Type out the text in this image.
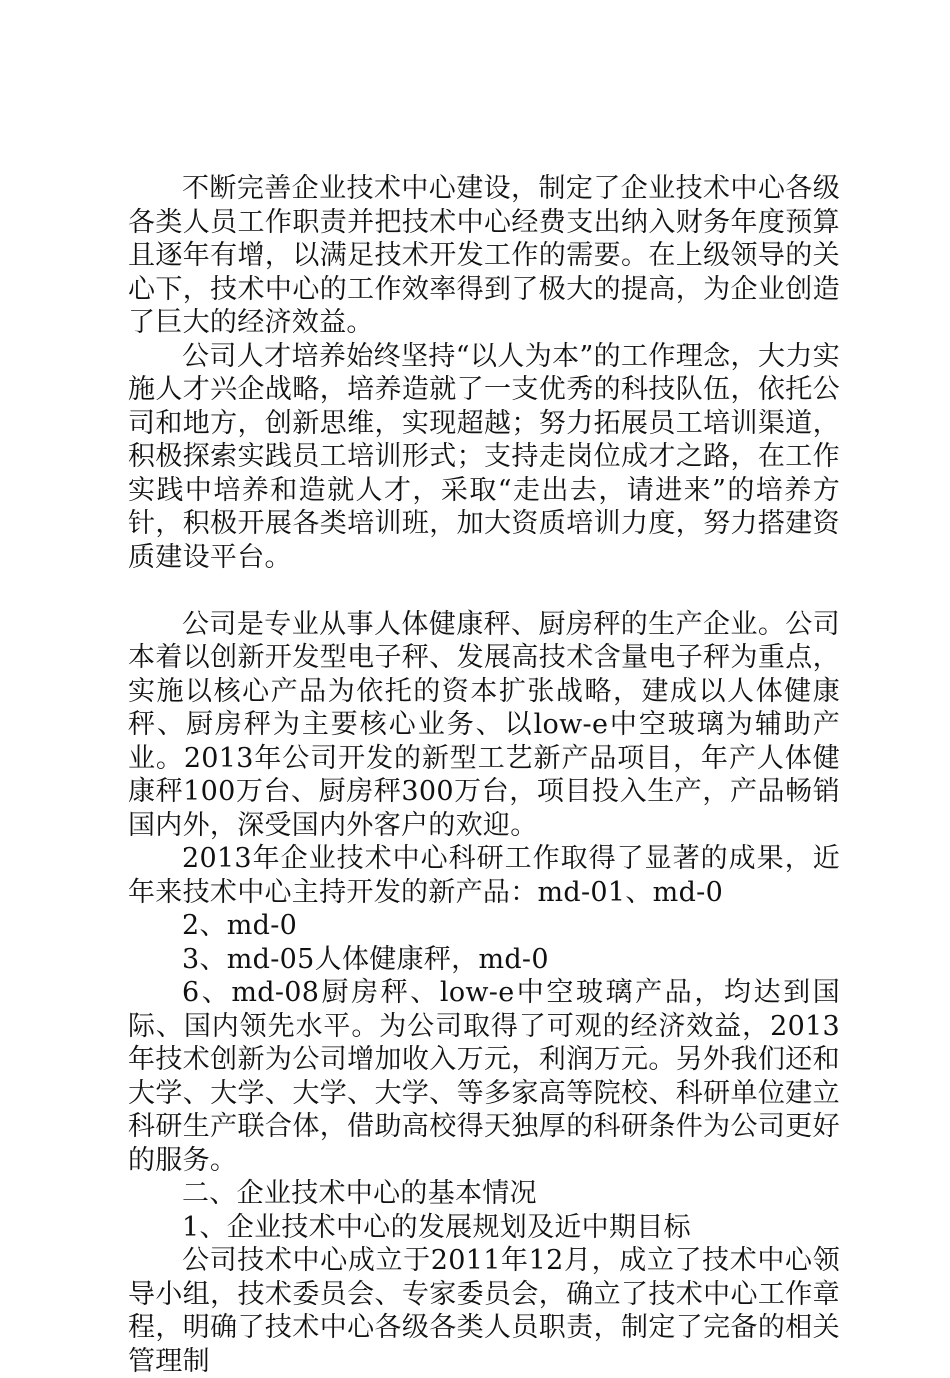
不断完善企业技术中心建设，制定了企业技术中心各级各类人员工作职责并把技术中心经费支出纳入财务年度预算且逐年有增，以满足技术开发工作的需要。在上级领导的关心下，技术中心的工作效率得到了极大的提高，为企业创造了巨大的经济效益。

公司人才培养始终坚持“以人为本”的工作理念，大力实施人才兴企战略，培养造就了一支优秀的科技队伍，依托公司和地方，创新思维，实现超越；努力拓展员工培训渠道，积极探索实践员工培训形式；支持走岗位成才之路，在工作实践中培养和造就人才，采取“走出去，请进来”的培养方针，积极开展各类培训班，加大资质培训力度，努力搭建资质建设平台。

公司是专业从事人体健康秤、厨房秤的生产企业。公司本着以创新开发型电子秤、发展高技术含量电子秤为重点，实施以核心产品为依托的资本扩张战略，建成以人体健康秤、厨房秤为主要核心业务、以low-e中空玻璃为辅助产业。2013年公司开发的新型工艺新产品项目，年产人体健康秤100万台、厨房秤300万台，项目投入生产，产品畅销国内外，深受国内外客户的欢迎。

2013年企业技术中心科研工作取得了显著的成果，近年来技术中心主持开发的新产品：md-01、md-0

2、md-0

3、md-05人体健康秤，md-0

6、md-08厨房秤、low-e中空玻璃产品，均达到国际、国内领先水平。为公司取得了可观的经济效益，2013年技术创新为公司增加收入万元，利润万元。另外我们还和大学、大学、大学、大学、等多家高等院校、科研单位建立科研生产联合体，借助高校得天独厚的科研条件为公司更好的服务。

二、企业技术中心的基本情况

1、企业技术中心的发展规划及近中期目标

公司技术中心成立于2011年12月，成立了技术中心领导小组，技术委员会、专家委员会，确立了技术中心工作章程，明确了技术中心各级各类人员职责，制定了完备的相关管理制
